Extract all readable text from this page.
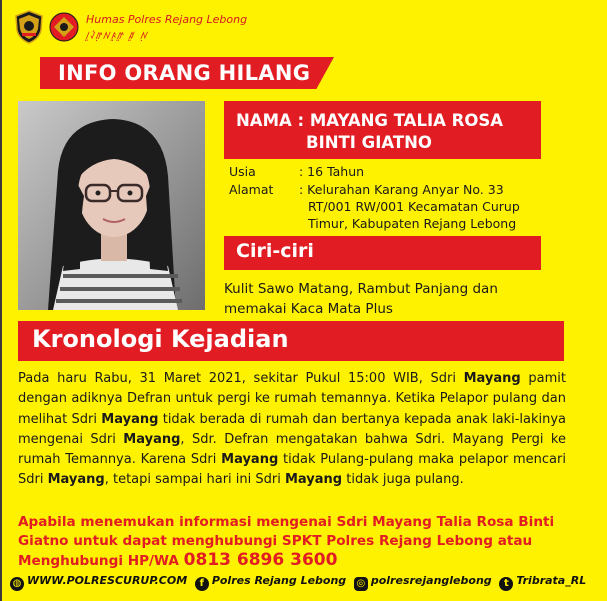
Humas Polres Rejang Lebong
ꤷꥍꤶꥏꤼꥈꤾꤴꥍꤼꥍ ꤽꥍ ꤾꥈ
INFO ORANG HILANG
NAMA : MAYANG TALIA ROSA
BINTI GIATNO
Usia	: 16 Tahun
Alamat : Kelurahan Karang Anyar No. 33
RT/001 RW/001 Kecamatan Curup
Timur, Kabupaten Rejang Lebong
Ciri-ciri
Kulit Sawo Matang, Rambut Panjang dan
memakai Kaca Mata Plus
Kronologi Kejadian
Pada haru Rabu, 31 Maret 2021, sekitar Pukul 15:00 WIB, Sdri Mayang pamit dengan adiknya Defran untuk pergi ke rumah temannya. Ketika Pelapor pulang dan melihat Sdri Mayang tidak berada di rumah dan bertanya kepada anak laki-lakinya mengenai Sdri Mayang, Sdr. Defran mengatakan bahwa Sdri. Mayang Pergi ke rumah Temannya. Karena Sdri Mayang tidak Pulang-pulang maka pelapor mencari Sdri Mayang, tetapi sampai hari ini Sdri Mayang tidak juga pulang.
Apabila menemukan informasi mengenai Sdri Mayang Talia Rosa Binti Giatno untuk dapat menghubungi SPKT Polres Rejang Lebong atau Menghubungi HP/WA 0813 6896 3600
◍ WWW.POLRESCURUP.COM f Polres Rejang Lebong ◎ polresrejanglebong t Tribrata_RL
